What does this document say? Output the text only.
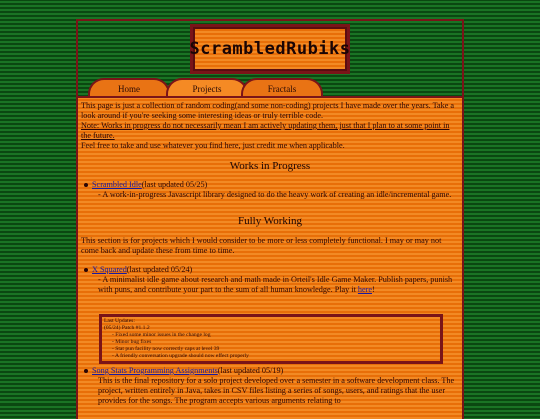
ScrambledRubiks
Home	Projects	Fractals

This page is just a collection of random coding(and some non-coding) projects I have made over the years. Take a look around if you're seeking some interesting ideas or truly terrible code.

Note: Works in progress do not necessarily mean I am actively updating them, just that I plan to at some point in the future.

Feel free to take and use whatever you find here, just credit me when applicable.

Works in Progress
Scrambled Idle(last updated 05/25)

- A work-in-progress Javascript library designed to do the heavy work of creating an idle/incremental game.

Fully Working

This section is for projects which I would consider to be more or less completely functional. I may or may not come back and update these from time to time.

X Squared(last updated 05/24)

- A minimalist idle game about research and math made in Orteil's Idle Game Maker. Publish papers, punish with puns, and contribute your part to the sum of all human knowledge. Play it here!

Last Updates:
(05/24) Patch #1.1.2
- Fixed some minor issues in the change log
- Minor bug fixes
- Stat pun facility now correctly caps at level 39
- A friendly conversation upgrade should now effect properly
Song Stats Programming Assignments(last updated 05/19)

This is the final repository for a solo project developed over a semester in a software development class. The project, written entirely in Java, takes in CSV files listing a series of songs, users, and ratings that the user provides for the songs. The program accepts various arguments relating to
